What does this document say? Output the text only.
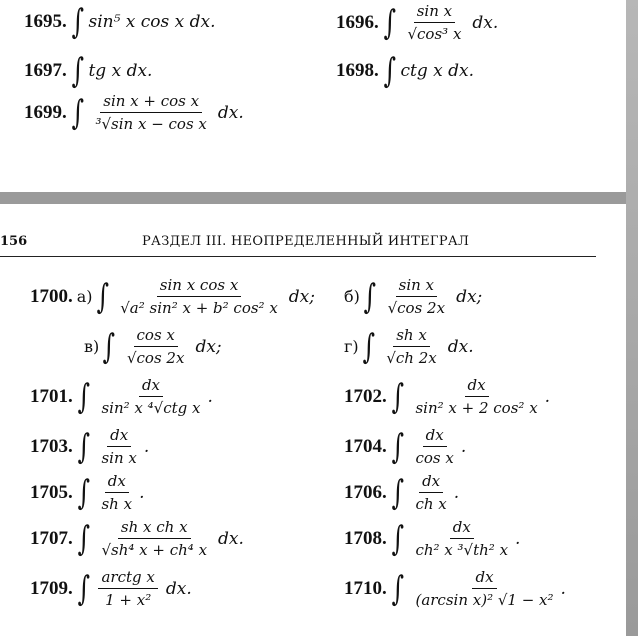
1695. ∫ sin⁵ x cos x dx.	1696. ∫ $\frac{\text{sin x}}{\text{√cos³ x}}$ dx.
1697. ∫ tg x dx.	1698. ∫ ctg x dx.
1699. ∫ $\frac{\text{sin x + cos x}}{\text{³√sin x − cos x}}$ dx.
156	РАЗДЕЛ III. НЕОПРЕДЕЛЕННЫЙ ИНТЕГРАЛ
1700. а) ∫ $\frac{\text{sin x cos x}}{\text{√a² sin² x + b² cos² x}}$ dx; б) ∫ $\frac{\text{sin x}}{√\cos 2x}$ dx;
в) ∫ $\frac{\text{cos x}}{√\cos 2x}$ dx;	г) ∫ $\frac{\text{sh x}}{√ch 2x}$ dx.
1701. ∫ $\frac{dx}{\text{sin² x ⁴√ctg x}}$ .	1702. ∫ $\frac{dx}{\text{sin² x + 2 cos² x}}$ .
1703. ∫ $\frac{dx}{\text{sin x}}$ .	1704. ∫ $\frac{dx}{\text{cos x}}$ .
1705. ∫ $\frac{dx}{\text{sh x}}$ .	1706. ∫ $\frac{dx}{\text{ch x}}$ .
1707. ∫ $\frac{\text{sh x ch x}}{\text{√sh⁴ x + ch⁴ x}}$ dx.	1708. ∫ $\frac{dx}{\text{ch² x ³√th² x}}$ .
1709. ∫ $\frac{\text{arctg x}}{\text{1 + x²}}$ dx.	1710. ∫ $\frac{dx}{\text{(arcsin x)² √1 − x²}}$ .
